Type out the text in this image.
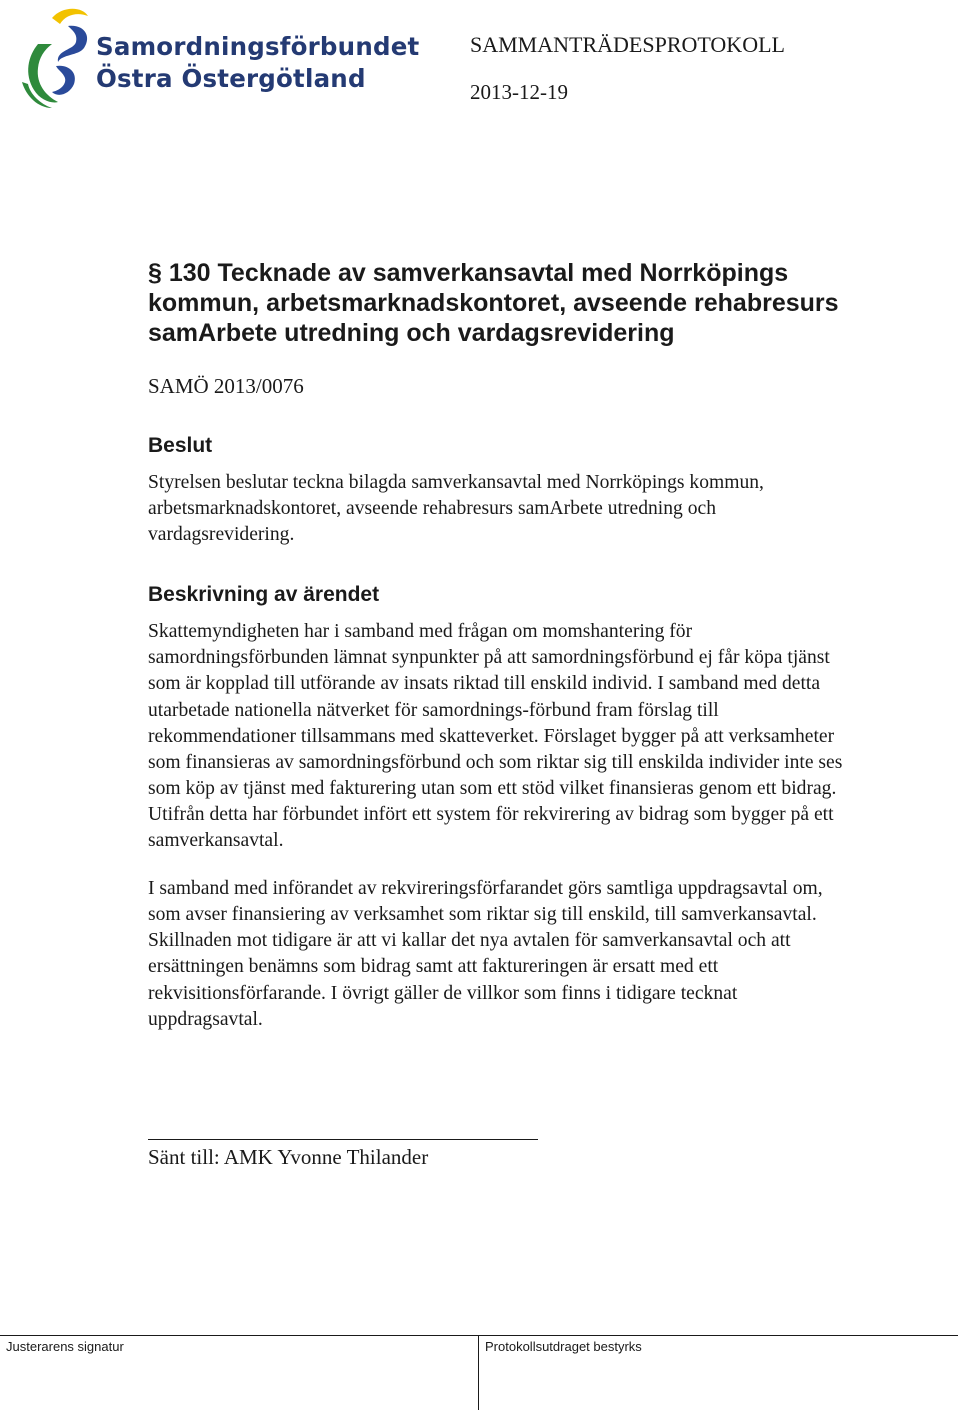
Samordningsförbundet
Östra Östergötland
SAMMANTRÄDESPROTOKOLL
2013-12-19
§ 130 Tecknade av samverkansavtal med Norrköpings kommun, arbetsmarknadskontoret, avseende rehabresurs samArbete utredning och vardagsrevidering
SAMÖ 2013/0076
Beslut

Styrelsen beslutar teckna bilagda samverkansavtal med Norrköpings kommun, arbetsmarknadskontoret, avseende rehabresurs samArbete utredning och vardagsrevidering.

Beskrivning av ärendet

Skattemyndigheten har i samband med frågan om momshantering för samordningsförbunden lämnat synpunkter på att samordningsförbund ej får köpa tjänst som är kopplad till utförande av insats riktad till enskild individ. I samband med detta utarbetade nationella nätverket för samordnings-förbund fram förslag till rekommendationer tillsammans med skatteverket. Förslaget bygger på att verksamheter som finansieras av samordningsförbund och som riktar sig till enskilda individer inte ses som köp av tjänst med fakturering utan som ett stöd vilket finansieras genom ett bidrag. Utifrån detta har förbundet infört ett system för rekvirering av bidrag som bygger på ett samverkansavtal.

I samband med införandet av rekvireringsförfarandet görs samtliga uppdragsavtal om, som avser finansiering av verksamhet som riktar sig till enskild, till samverkansavtal. Skillnaden mot tidigare är att vi kallar det nya avtalen för samverkansavtal och att ersättningen benämns som bidrag samt att faktureringen är ersatt med ett rekvisitionsförfarande. I övrigt gäller de villkor som finns i tidigare tecknat uppdragsavtal.

Sänt till: AMK Yvonne Thilander
Justerarens signatur	Protokollsutdraget bestyrks
